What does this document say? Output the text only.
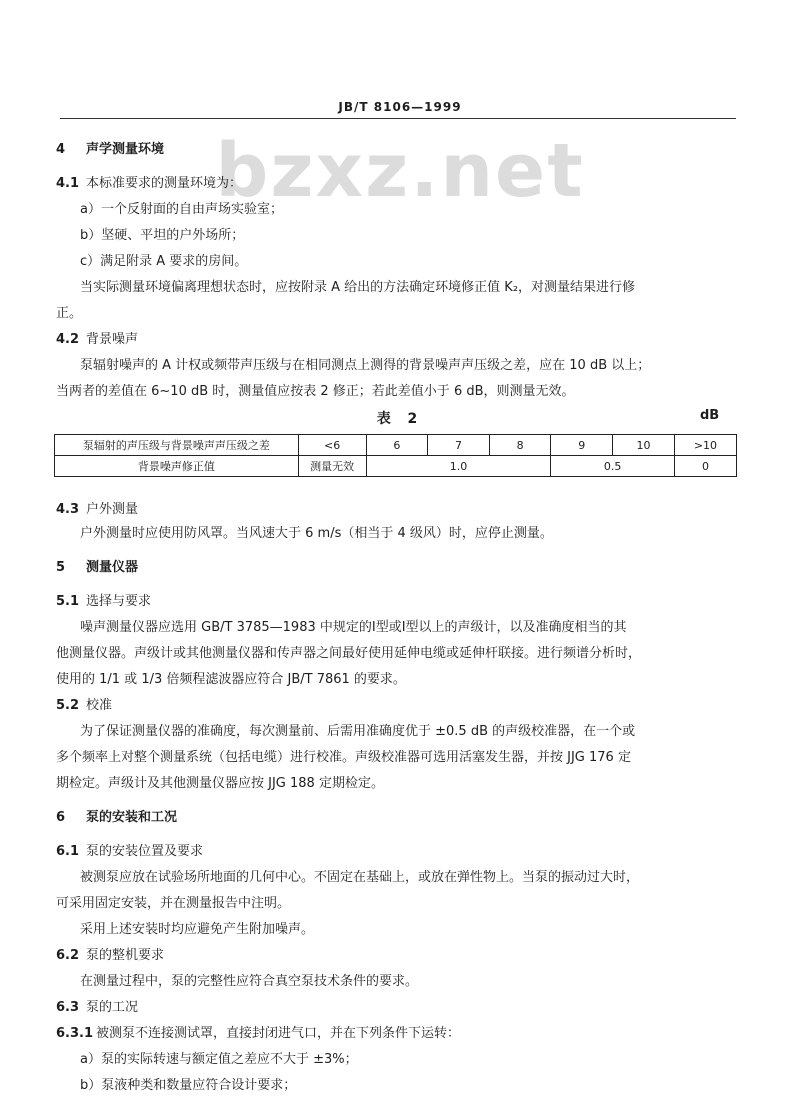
JB/T 8106—1999
bzxz.net
4 声学测量环境
4.1 本标准要求的测量环境为：
a）一个反射面的自由声场实验室；
b）坚硬、平坦的户外场所；
c）满足附录 A 要求的房间。
当实际测量环境偏离理想状态时，应按附录 A 给出的方法确定环境修正值 K₂，对测量结果进行修
正。
4.2 背景噪声
泵辐射噪声的 A 计权或频带声压级与在相同测点上测得的背景噪声声压级之差，应在 10 dB 以上；
当两者的差值在 6~10 dB 时，测量值应按表 2 修正；若此差值小于 6 dB，则测量无效。
表 2	dB
泵辐射的声压级与背景噪声声压级之差	<6	6	7	8	9	10	>10
背景噪声修正值	测量无效	1.0			0.5		0
4.3 户外测量
户外测量时应使用防风罩。当风速大于 6 m/s（相当于 4 级风）时，应停止测量。
5 测量仪器
5.1 选择与要求
噪声测量仪器应选用 GB/T 3785—1983 中规定的Ⅰ型或Ⅰ型以上的声级计，以及准确度相当的其
他测量仪器。声级计或其他测量仪器和传声器之间最好使用延伸电缆或延伸杆联接。进行频谱分析时，
使用的 1/1 或 1/3 倍频程滤波器应符合 JB/T 7861 的要求。
5.2 校准
为了保证测量仪器的准确度，每次测量前、后需用准确度优于 ±0.5 dB 的声级校准器，在一个或
多个频率上对整个测量系统（包括电缆）进行校准。声级校准器可选用活塞发生器，并按 JJG 176 定
期检定。声级计及其他测量仪器应按 JJG 188 定期检定。
6 泵的安装和工况
6.1 泵的安装位置及要求
被测泵应放在试验场所地面的几何中心。不固定在基础上，或放在弹性物上。当泵的振动过大时，
可采用固定安装，并在测量报告中注明。
采用上述安装时均应避免产生附加噪声。
6.2 泵的整机要求
在测量过程中，泵的完整性应符合真空泵技术条件的要求。
6.3 泵的工况
6.3.1 被测泵不连接测试罩，直接封闭进气口，并在下列条件下运转：
a）泵的实际转速与额定值之差应不大于 ±3%；
b）泵液种类和数量应符合设计要求；
